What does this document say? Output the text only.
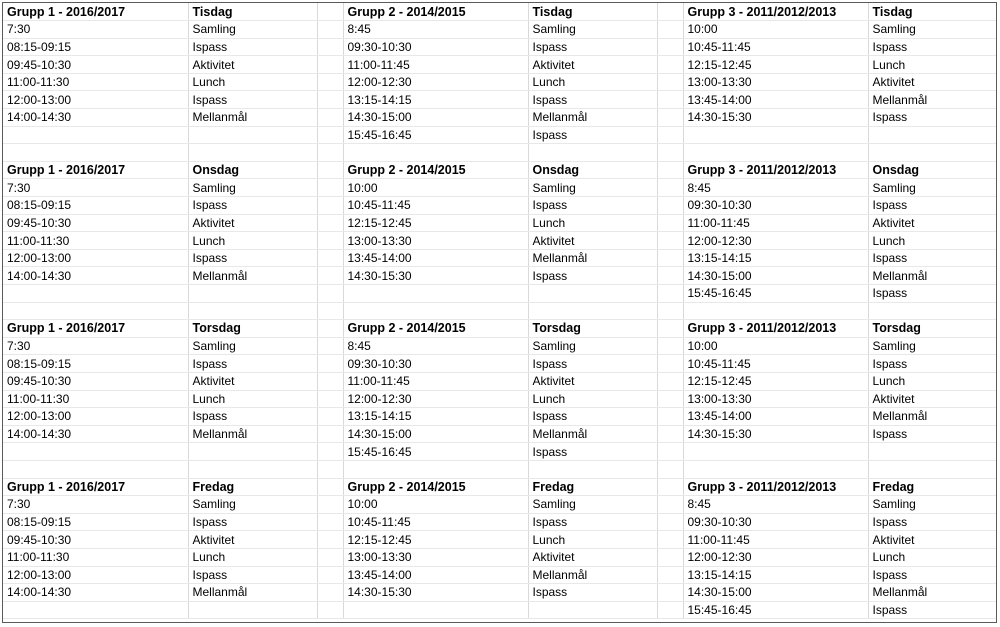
Grupp 1 - 2016/2017	Tisdag		Grupp 2 - 2014/2015	Tisdag		Grupp 3 - 2011/2012/2013	Tisdag
7:30	Samling		8:45	Samling		10:00	Samling
08:15-09:15	Ispass		09:30-10:30	Ispass		10:45-11:45	Ispass
09:45-10:30	Aktivitet		11:00-11:45	Aktivitet		12:15-12:45	Lunch
11:00-11:30	Lunch		12:00-12:30	Lunch		13:00-13:30	Aktivitet
12:00-13:00	Ispass		13:15-14:15	Ispass		13:45-14:00	Mellanmål
14:00-14:30	Mellanmål		14:30-15:00	Mellanmål		14:30-15:30	Ispass
			15:45-16:45	Ispass			

Grupp 1 - 2016/2017	Onsdag		Grupp 2 - 2014/2015	Onsdag		Grupp 3 - 2011/2012/2013	Onsdag
7:30	Samling		10:00	Samling		8:45	Samling
08:15-09:15	Ispass		10:45-11:45	Ispass		09:30-10:30	Ispass
09:45-10:30	Aktivitet		12:15-12:45	Lunch		11:00-11:45	Aktivitet
11:00-11:30	Lunch		13:00-13:30	Aktivitet		12:00-12:30	Lunch
12:00-13:00	Ispass		13:45-14:00	Mellanmål		13:15-14:15	Ispass
14:00-14:30	Mellanmål		14:30-15:30	Ispass		14:30-15:00	Mellanmål
						15:45-16:45	Ispass

Grupp 1 - 2016/2017	Torsdag		Grupp 2 - 2014/2015	Torsdag		Grupp 3 - 2011/2012/2013	Torsdag
7:30	Samling		8:45	Samling		10:00	Samling
08:15-09:15	Ispass		09:30-10:30	Ispass		10:45-11:45	Ispass
09:45-10:30	Aktivitet		11:00-11:45	Aktivitet		12:15-12:45	Lunch
11:00-11:30	Lunch		12:00-12:30	Lunch		13:00-13:30	Aktivitet
12:00-13:00	Ispass		13:15-14:15	Ispass		13:45-14:00	Mellanmål
14:00-14:30	Mellanmål		14:30-15:00	Mellanmål		14:30-15:30	Ispass
			15:45-16:45	Ispass			

Grupp 1 - 2016/2017	Fredag		Grupp 2 - 2014/2015	Fredag		Grupp 3 - 2011/2012/2013	Fredag
7:30	Samling		10:00	Samling		8:45	Samling
08:15-09:15	Ispass		10:45-11:45	Ispass		09:30-10:30	Ispass
09:45-10:30	Aktivitet		12:15-12:45	Lunch		11:00-11:45	Aktivitet
11:00-11:30	Lunch		13:00-13:30	Aktivitet		12:00-12:30	Lunch
12:00-13:00	Ispass		13:45-14:00	Mellanmål		13:15-14:15	Ispass
14:00-14:30	Mellanmål		14:30-15:30	Ispass		14:30-15:00	Mellanmål
						15:45-16:45	Ispass
